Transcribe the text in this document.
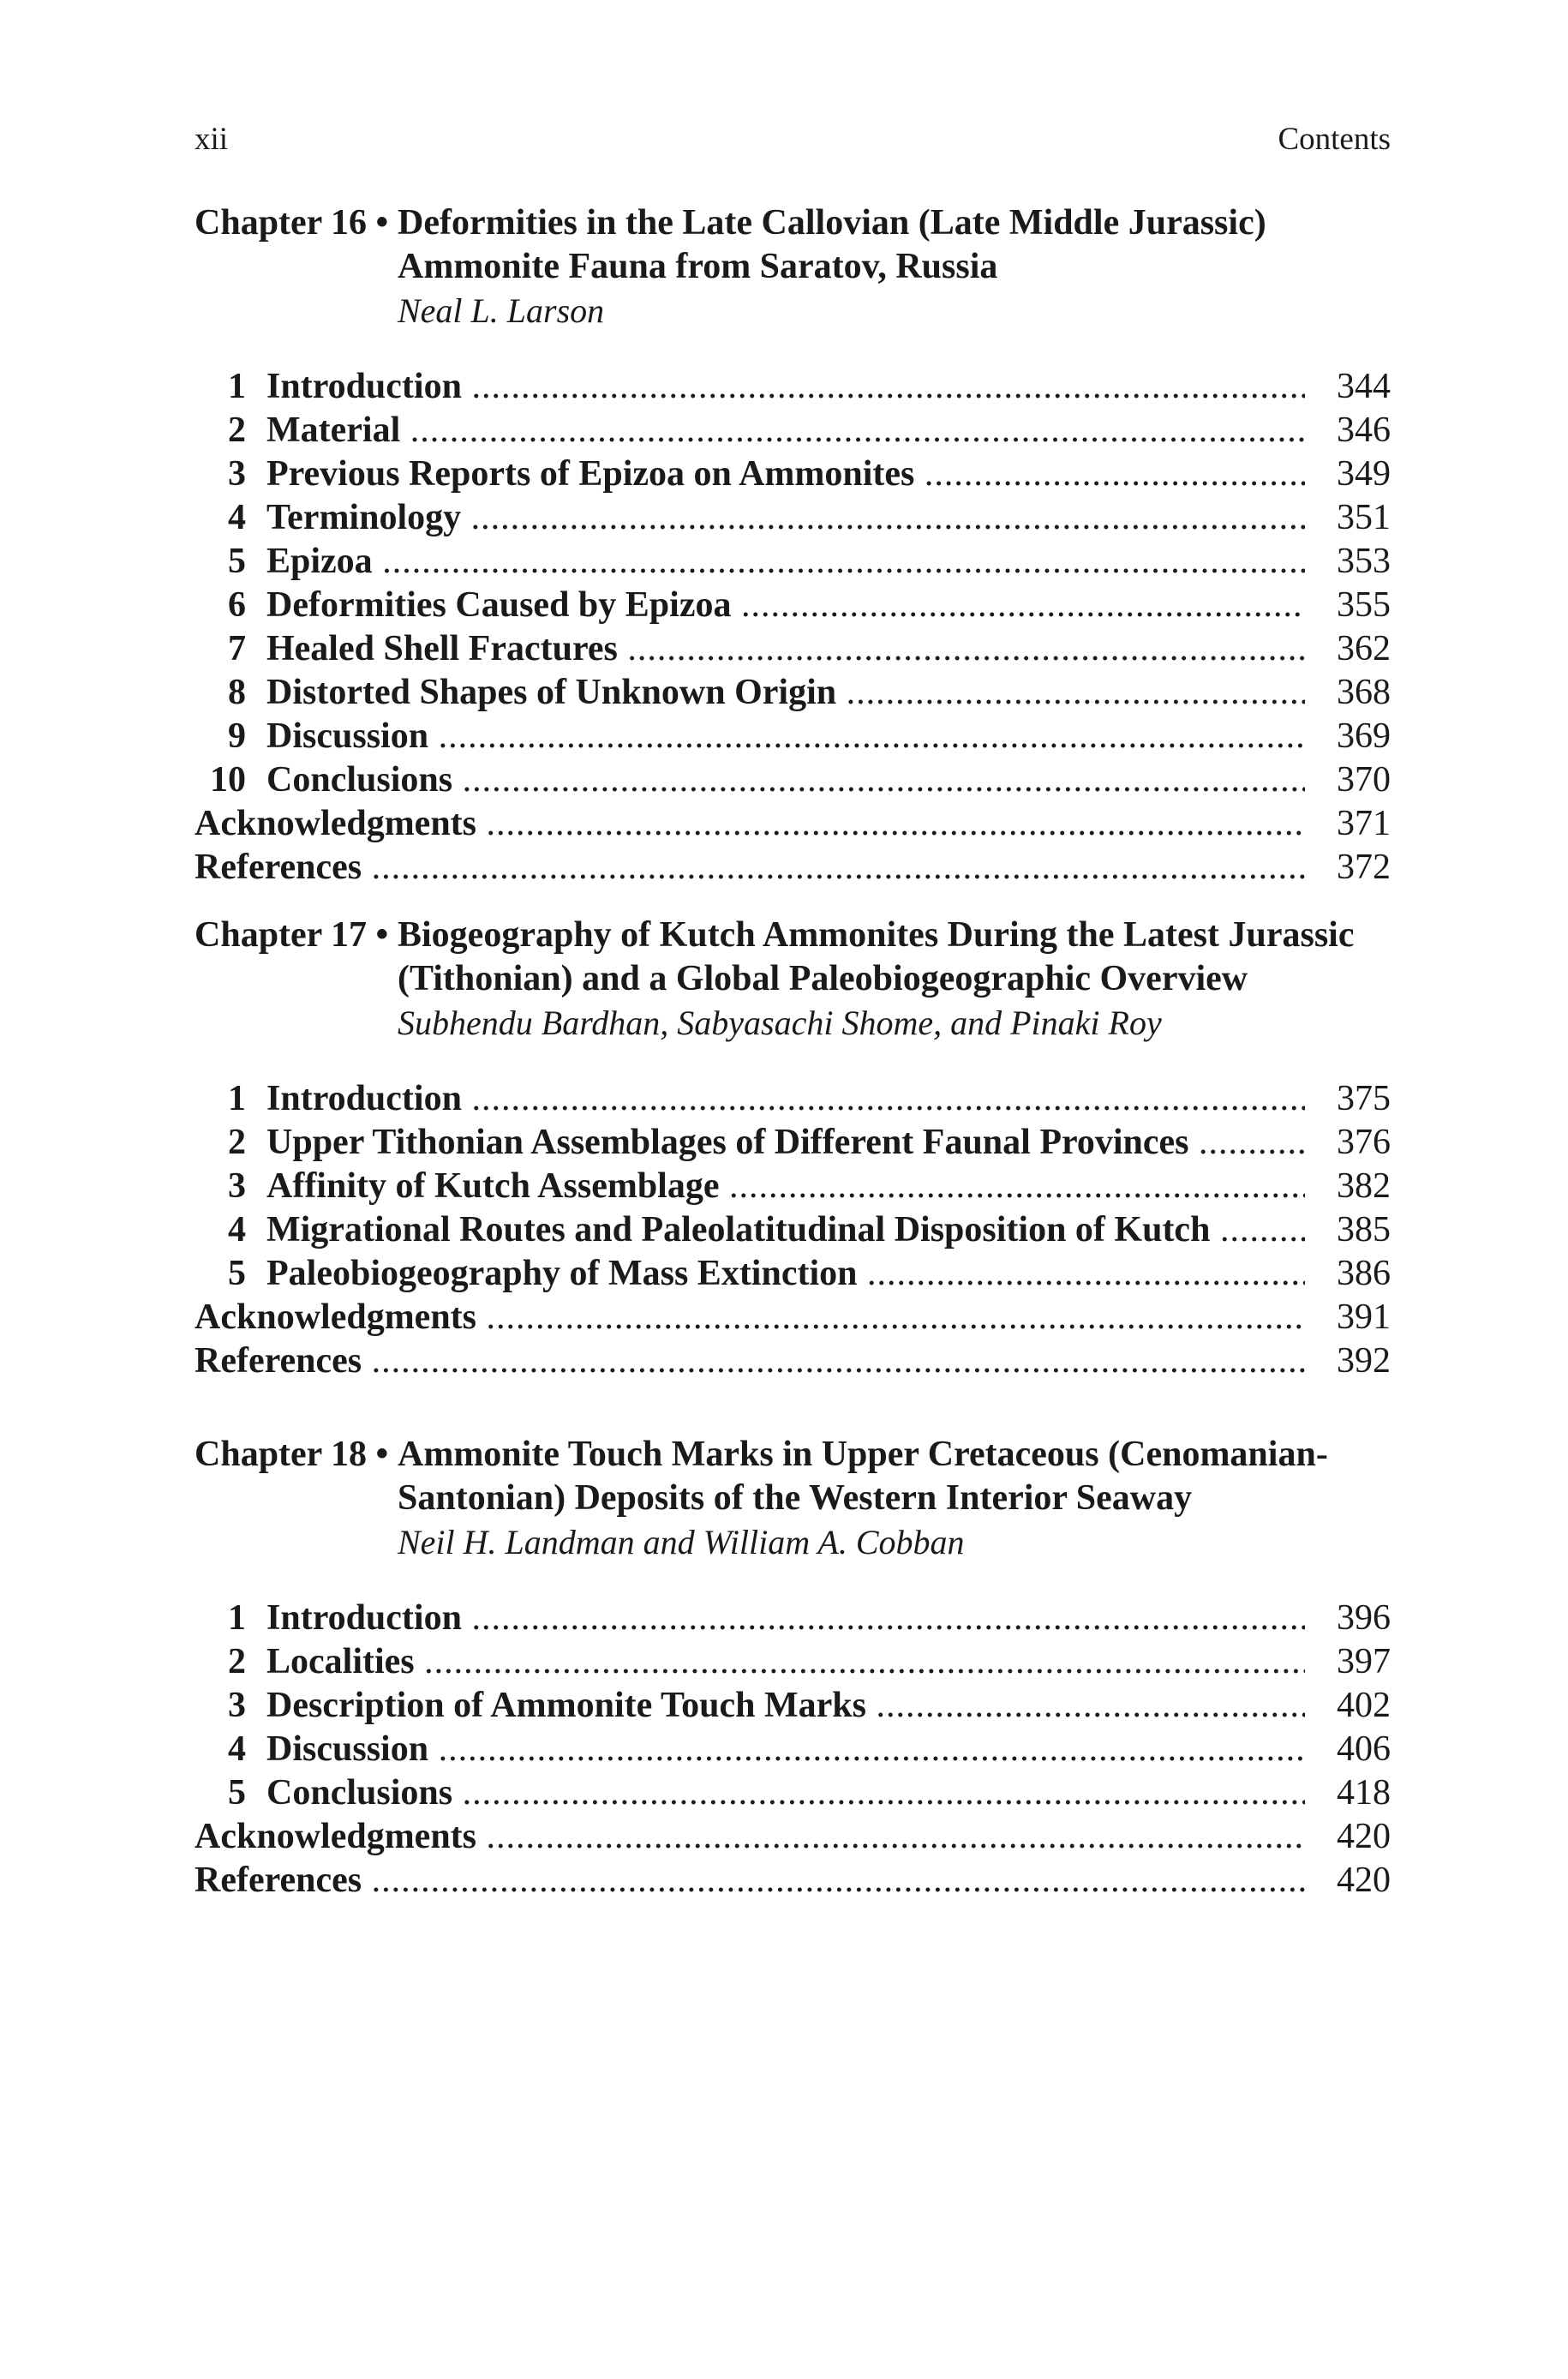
xii	Contents
Chapter 16 • Deformities in the Late Callovian (Late Middle Jurassic) Ammonite Fauna from Saratov, Russia
Neal L. Larson
1 Introduction .....	344
2 Material .....	346
3 Previous Reports of Epizoa on Ammonites .....	349
4 Terminology .....	351
5 Epizoa .....	353
6 Deformities Caused by Epizoa .....	355
7 Healed Shell Fractures .....	362
8 Distorted Shapes of Unknown Origin .....	368
9 Discussion .....	369
10 Conclusions .....	370
Acknowledgments .....	371
References .....	372
Chapter 17 • Biogeography of Kutch Ammonites During the Latest Jurassic (Tithonian) and a Global Paleobiogeographic Overview
Subhendu Bardhan, Sabyasachi Shome, and Pinaki Roy
1 Introduction .....	375
2 Upper Tithonian Assemblages of Different Faunal Provinces .....	376
3 Affinity of Kutch Assemblage .....	382
4 Migrational Routes and Paleolatitudinal Disposition of Kutch .....	385
5 Paleobiogeography of Mass Extinction .....	386
Acknowledgments .....	391
References .....	392
Chapter 18 • Ammonite Touch Marks in Upper Cretaceous (Cenomanian-Santonian) Deposits of the Western Interior Seaway
Neil H. Landman and William A. Cobban
1 Introduction .....	396
2 Localities .....	397
3 Description of Ammonite Touch Marks .....	402
4 Discussion .....	406
5 Conclusions .....	418
Acknowledgments .....	420
References .....	420
